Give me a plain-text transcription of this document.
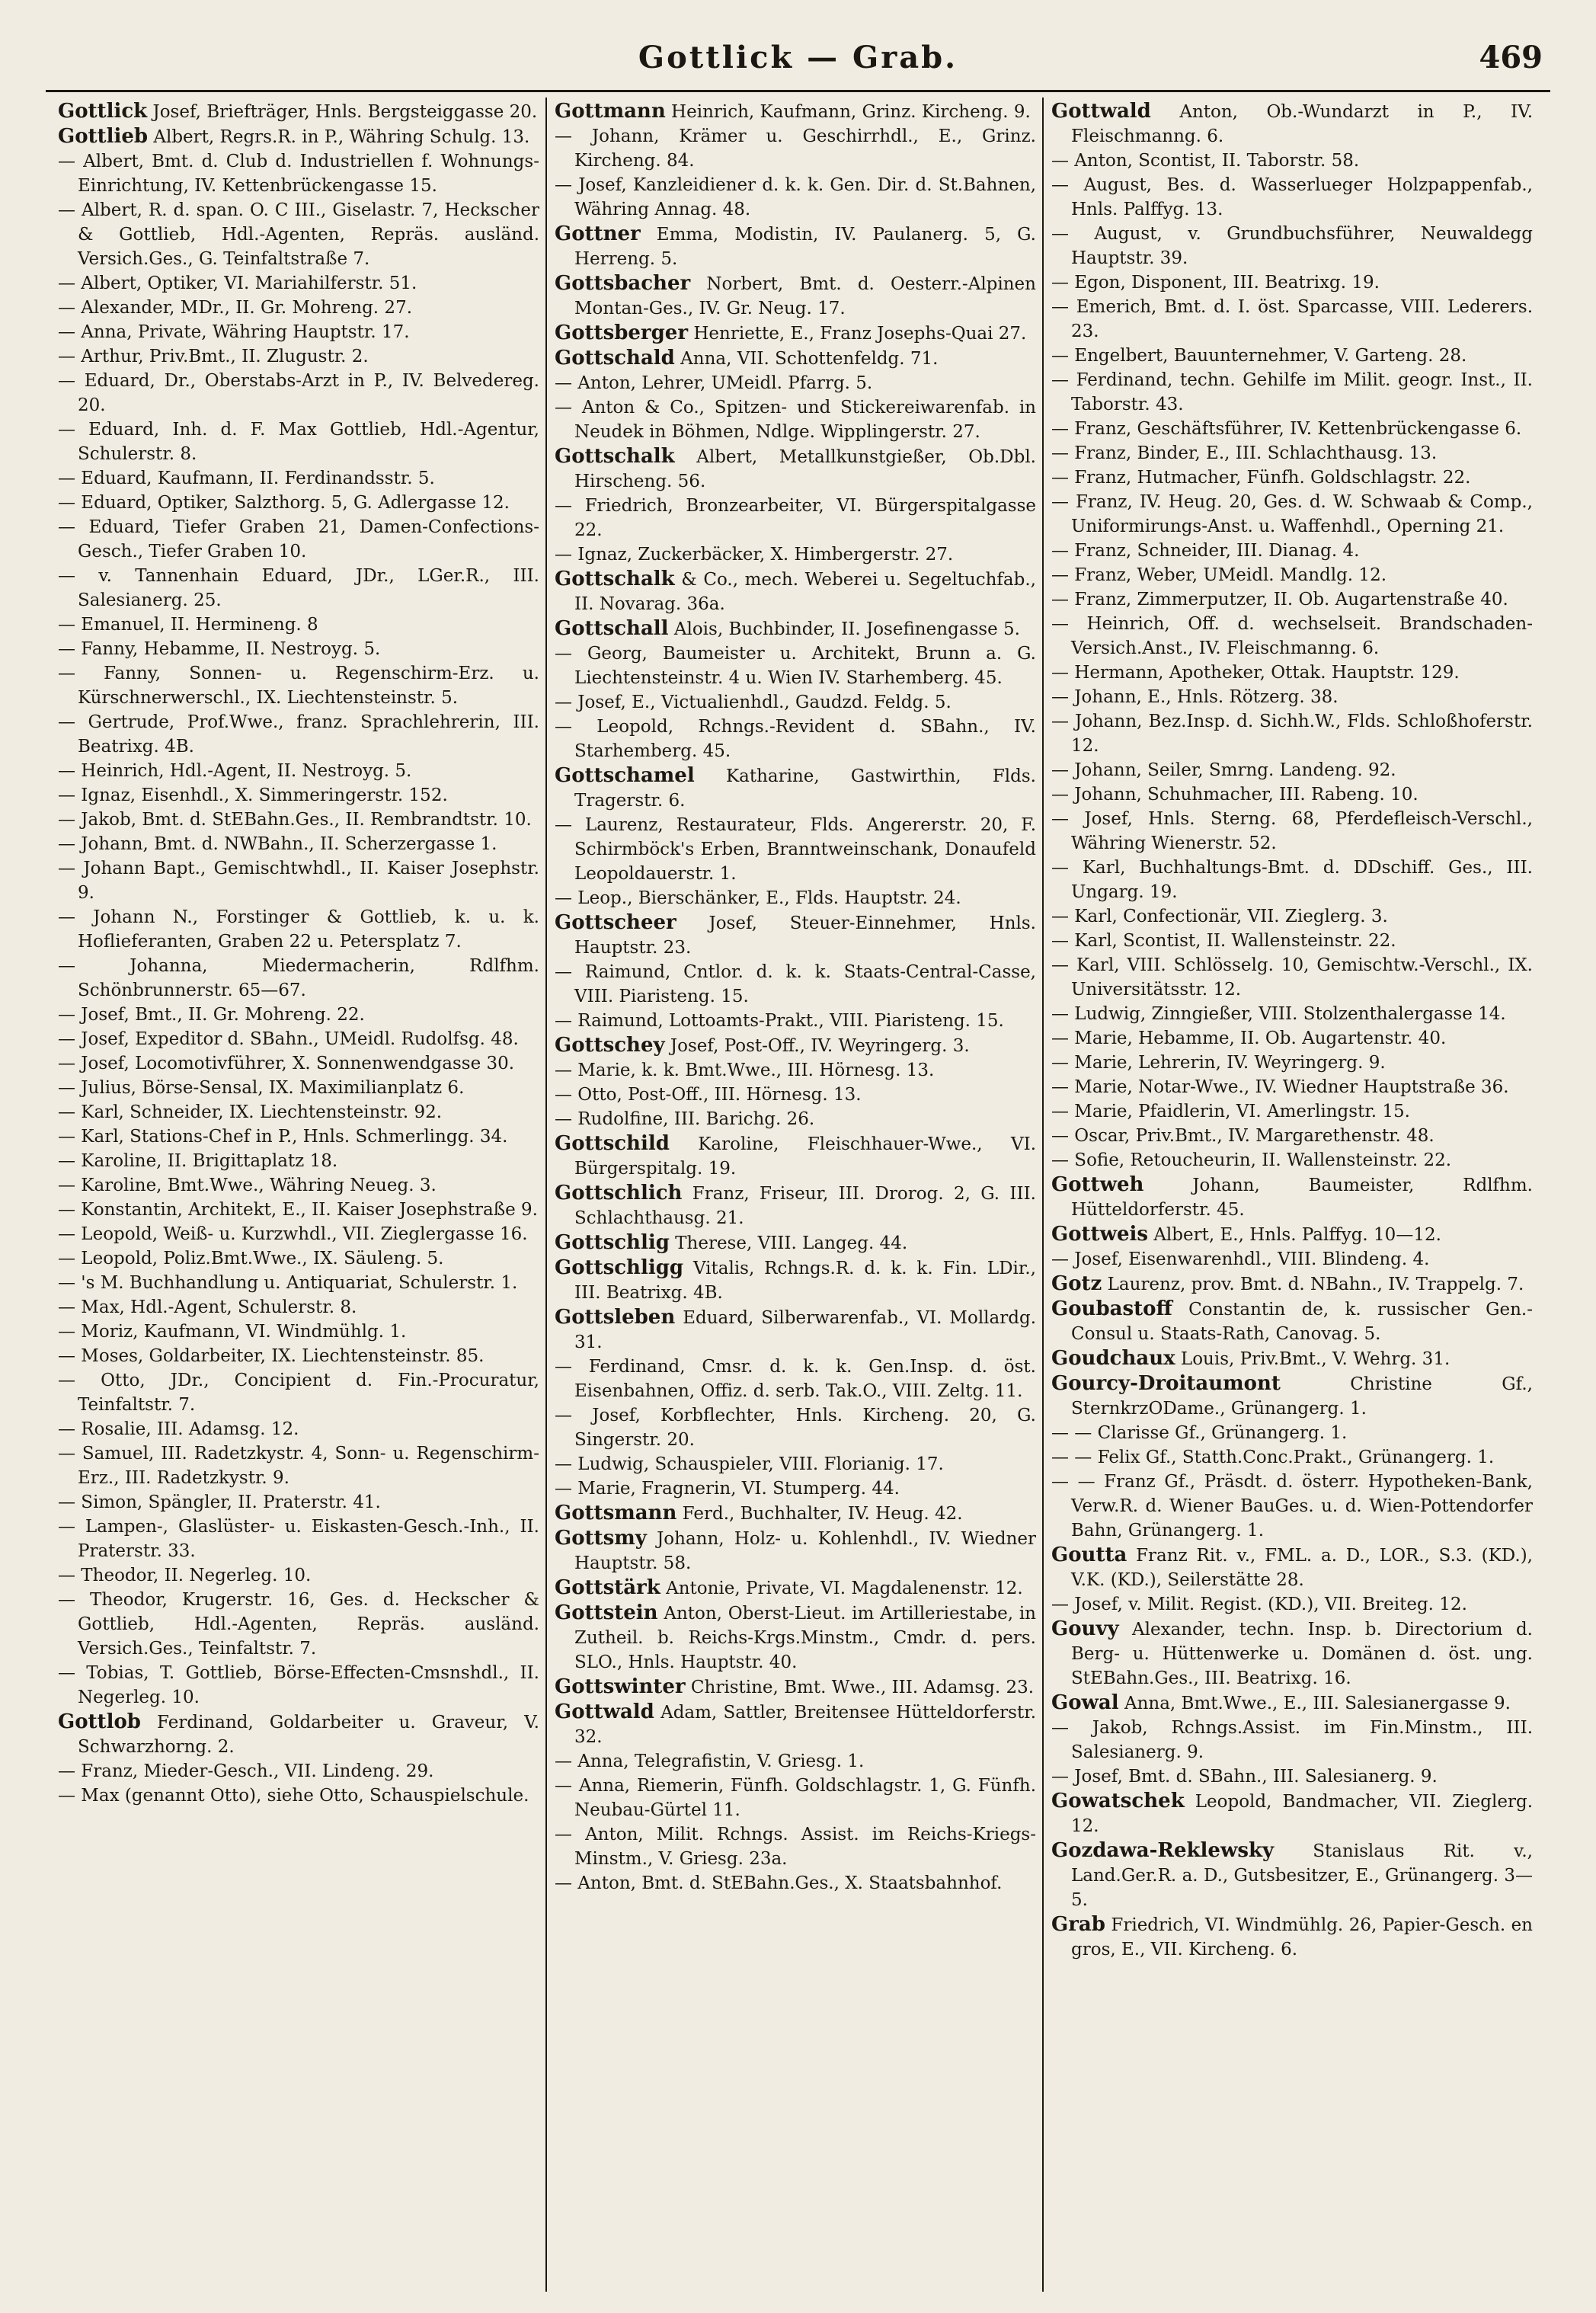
Gottlick — Grab.	469
Gottlick Josef, Briefträger, Hnls. Bergsteiggasse 20.
Gottlieb Albert, Regrs.R. in P., Währing Schulg. 13.
— Albert, Bmt. d. Club d. Industriellen f. Wohnungs-Einrichtung, IV. Kettenbrückengasse 15.
— Albert, R. d. span. O. C III., Giselastr. 7, Heckscher & Gottlieb, Hdl.-Agenten, Repräs. ausländ. Versich.Ges., G. Teinfaltstraße 7.
— Albert, Optiker, VI. Mariahilferstr. 51.
— Alexander, MDr., II. Gr. Mohreng. 27.
— Anna, Private, Währing Hauptstr. 17.
— Arthur, Priv.Bmt., II. Zlugustr. 2.
— Eduard, Dr., Oberstabs-Arzt in P., IV. Belvedereg. 20.
— Eduard, Inh. d. F. Max Gottlieb, Hdl.-Agentur, Schulerstr. 8.
— Eduard, Kaufmann, II. Ferdinandsstr. 5.
— Eduard, Optiker, Salzthorg. 5, G. Adlergasse 12.
— Eduard, Tiefer Graben 21, Damen-Confections-Gesch., Tiefer Graben 10.
— v. Tannenhain Eduard, JDr., LGer.R., III. Salesianerg. 25.
— Emanuel, II. Hermineng. 8
— Fanny, Hebamme, II. Nestroyg. 5.
— Fanny, Sonnen- u. Regenschirm-Erz. u. Kürschnerwerschl., IX. Liechtensteinstr. 5.
— Gertrude, Prof.Wwe., franz. Sprachlehrerin, III. Beatrixg. 4B.
— Heinrich, Hdl.-Agent, II. Nestroyg. 5.
— Ignaz, Eisenhdl., X. Simmeringerstr. 152.
— Jakob, Bmt. d. StEBahn.Ges., II. Rembrandtstr. 10.
— Johann, Bmt. d. NWBahn., II. Scherzergasse 1.
— Johann Bapt., Gemischtwhdl., II. Kaiser Josephstr. 9.
— Johann N., Forstinger & Gottlieb, k. u. k. Hoflieferanten, Graben 22 u. Petersplatz 7.
— Johanna, Miedermacherin, Rdlfhm. Schönbrunnerstr. 65—67.
— Josef, Bmt., II. Gr. Mohreng. 22.
— Josef, Expeditor d. SBahn., UMeidl. Rudolfsg. 48.
— Josef, Locomotivführer, X. Sonnenwendgasse 30.
— Julius, Börse-Sensal, IX. Maximilianplatz 6.
— Karl, Schneider, IX. Liechtensteinstr. 92.
— Karl, Stations-Chef in P., Hnls. Schmerlingg. 34.
— Karoline, II. Brigittaplatz 18.
— Karoline, Bmt.Wwe., Währing Neueg. 3.
— Konstantin, Architekt, E., II. Kaiser Josephstraße 9.
— Leopold, Weiß- u. Kurzwhdl., VII. Zieglergasse 16.
— Leopold, Poliz.Bmt.Wwe., IX. Säuleng. 5.
— 's M. Buchhandlung u. Antiquariat, Schulerstr. 1.
— Max, Hdl.-Agent, Schulerstr. 8.
— Moriz, Kaufmann, VI. Windmühlg. 1.
— Moses, Goldarbeiter, IX. Liechtensteinstr. 85.
— Otto, JDr., Concipient d. Fin.-Procuratur, Teinfaltstr. 7.
— Rosalie, III. Adamsg. 12.
— Samuel, III. Radetzkystr. 4, Sonn- u. Regenschirm-Erz., III. Radetzkystr. 9.
— Simon, Spängler, II. Praterstr. 41.
— Lampen-, Glaslüster- u. Eiskasten-Gesch.-Inh., II. Praterstr. 33.
— Theodor, II. Negerleg. 10.
— Theodor, Krugerstr. 16, Ges. d. Heckscher & Gottlieb, Hdl.-Agenten, Repräs. ausländ. Versich.Ges., Teinfaltstr. 7.
— Tobias, T. Gottlieb, Börse-Effecten-Cmsnshdl., II. Negerleg. 10.
Gottlob Ferdinand, Goldarbeiter u. Graveur, V. Schwarzhorng. 2.
— Franz, Mieder-Gesch., VII. Lindeng. 29.
— Max (genannt Otto), siehe Otto, Schauspielschule.
Gottmann Heinrich, Kaufmann, Grinz. Kircheng. 9.
— Johann, Krämer u. Geschirrhdl., E., Grinz. Kircheng. 84.
— Josef, Kanzleidiener d. k. k. Gen. Dir. d. St.Bahnen, Währing Annag. 48.
Gottner Emma, Modistin, IV. Paulanerg. 5, G. Herreng. 5.
Gottsbacher Norbert, Bmt. d. Oesterr.-Alpinen Montan-Ges., IV. Gr. Neug. 17.
Gottsberger Henriette, E., Franz Josephs-Quai 27.
Gottschald Anna, VII. Schottenfeldg. 71.
— Anton, Lehrer, UMeidl. Pfarrg. 5.
— Anton & Co., Spitzen- und Stickereiwarenfab. in Neudek in Böhmen, Ndlge. Wipplingerstr. 27.
Gottschalk Albert, Metallkunstgießer, Ob.Dbl. Hirscheng. 56.
— Friedrich, Bronzearbeiter, VI. Bürgerspitalgasse 22.
— Ignaz, Zuckerbäcker, X. Himbergerstr. 27.
Gottschalk & Co., mech. Weberei u. Segeltuchfab., II. Novarag. 36a.
Gottschall Alois, Buchbinder, II. Josefinengasse 5.
— Georg, Baumeister u. Architekt, Brunn a. G. Liechtensteinstr. 4 u. Wien IV. Starhemberg. 45.
— Josef, E., Victualienhdl., Gaudzd. Feldg. 5.
— Leopold, Rchngs.-Revident d. SBahn., IV. Starhemberg. 45.
Gottschamel Katharine, Gastwirthin, Flds. Tragerstr. 6.
— Laurenz, Restaurateur, Flds. Angererstr. 20, F. Schirmböck's Erben, Branntweinschank, Donaufeld Leopoldauerstr. 1.
— Leop., Bierschänker, E., Flds. Hauptstr. 24.
Gottscheer Josef, Steuer-Einnehmer, Hnls. Hauptstr. 23.
— Raimund, Cntlor. d. k. k. Staats-Central-Casse, VIII. Piaristeng. 15.
— Raimund, Lottoamts-Prakt., VIII. Piaristeng. 15.
Gottschey Josef, Post-Off., IV. Weyringerg. 3.
— Marie, k. k. Bmt.Wwe., III. Hörnesg. 13.
— Otto, Post-Off., III. Hörnesg. 13.
— Rudolfine, III. Barichg. 26.
Gottschild Karoline, Fleischhauer-Wwe., VI. Bürgerspitalg. 19.
Gottschlich Franz, Friseur, III. Drorog. 2, G. III. Schlachthausg. 21.
Gottschlig Therese, VIII. Langeg. 44.
Gottschligg Vitalis, Rchngs.R. d. k. k. Fin. LDir., III. Beatrixg. 4B.
Gottsleben Eduard, Silberwarenfab., VI. Mollardg. 31.
— Ferdinand, Cmsr. d. k. k. Gen.Insp. d. öst. Eisenbahnen, Offiz. d. serb. Tak.O., VIII. Zeltg. 11.
— Josef, Korbflechter, Hnls. Kircheng. 20, G. Singerstr. 20.
— Ludwig, Schauspieler, VIII. Florianig. 17.
— Marie, Fragnerin, VI. Stumperg. 44.
Gottsmann Ferd., Buchhalter, IV. Heug. 42.
Gottsmy Johann, Holz- u. Kohlenhdl., IV. Wiedner Hauptstr. 58.
Gottstärk Antonie, Private, VI. Magdalenenstr. 12.
Gottstein Anton, Oberst-Lieut. im Artilleriestabe, in Zutheil. b. Reichs-Krgs.Minstm., Cmdr. d. pers. SLO., Hnls. Hauptstr. 40.
Gottswinter Christine, Bmt. Wwe., III. Adamsg. 23.
Gottwald Adam, Sattler, Breitensee Hütteldorferstr. 32.
— Anna, Telegrafistin, V. Griesg. 1.
— Anna, Riemerin, Fünfh. Goldschlagstr. 1, G. Fünfh. Neubau-Gürtel 11.
— Anton, Milit. Rchngs. Assist. im Reichs-Kriegs-Minstm., V. Griesg. 23a.
— Anton, Bmt. d. StEBahn.Ges., X. Staatsbahnhof.
Gottwald Anton, Ob.-Wundarzt in P., IV. Fleischmanng. 6.
— Anton, Scontist, II. Taborstr. 58.
— August, Bes. d. Wasserlueger Holzpappenfab., Hnls. Palffyg. 13.
— August, v. Grundbuchsführer, Neuwaldegg Hauptstr. 39.
— Egon, Disponent, III. Beatrixg. 19.
— Emerich, Bmt. d. I. öst. Sparcasse, VIII. Lederers. 23.
— Engelbert, Bauunternehmer, V. Garteng. 28.
— Ferdinand, techn. Gehilfe im Milit. geogr. Inst., II. Taborstr. 43.
— Franz, Geschäftsführer, IV. Kettenbrückengasse 6.
— Franz, Binder, E., III. Schlachthausg. 13.
— Franz, Hutmacher, Fünfh. Goldschlagstr. 22.
— Franz, IV. Heug. 20, Ges. d. W. Schwaab & Comp., Uniformirungs-Anst. u. Waffenhdl., Operning 21.
— Franz, Schneider, III. Dianag. 4.
— Franz, Weber, UMeidl. Mandlg. 12.
— Franz, Zimmerputzer, II. Ob. Augartenstraße 40.
— Heinrich, Off. d. wechselseit. Brandschaden-Versich.Anst., IV. Fleischmanng. 6.
— Hermann, Apotheker, Ottak. Hauptstr. 129.
— Johann, E., Hnls. Rötzerg. 38.
— Johann, Bez.Insp. d. Sichh.W., Flds. Schloßhoferstr. 12.
— Johann, Seiler, Smrng. Landeng. 92.
— Johann, Schuhmacher, III. Rabeng. 10.
— Josef, Hnls. Sterng. 68, Pferdefleisch-Verschl., Währing Wienerstr. 52.
— Karl, Buchhaltungs-Bmt. d. DDschiff. Ges., III. Ungarg. 19.
— Karl, Confectionär, VII. Zieglerg. 3.
— Karl, Scontist, II. Wallensteinstr. 22.
— Karl, VIII. Schlösselg. 10, Gemischtw.-Verschl., IX. Universitätsstr. 12.
— Ludwig, Zinngießer, VIII. Stolzenthalergasse 14.
— Marie, Hebamme, II. Ob. Augartenstr. 40.
— Marie, Lehrerin, IV. Weyringerg. 9.
— Marie, Notar-Wwe., IV. Wiedner Hauptstraße 36.
— Marie, Pfaidlerin, VI. Amerlingstr. 15.
— Oscar, Priv.Bmt., IV. Margarethenstr. 48.
— Sofie, Retoucheurin, II. Wallensteinstr. 22.
Gottweh Johann, Baumeister, Rdlfhm. Hütteldorferstr. 45.
Gottweis Albert, E., Hnls. Palffyg. 10—12.
— Josef, Eisenwarenhdl., VIII. Blindeng. 4.
Gotz Laurenz, prov. Bmt. d. NBahn., IV. Trappelg. 7.
Goubastoff Constantin de, k. russischer Gen.-Consul u. Staats-Rath, Canovag. 5.
Goudchaux Louis, Priv.Bmt., V. Wehrg. 31.
Gourcy-Droitaumont Christine Gf., SternkrzODame., Grünangerg. 1.
— — Clarisse Gf., Grünangerg. 1.
— — Felix Gf., Statth.Conc.Prakt., Grünangerg. 1.
— — Franz Gf., Präsdt. d. österr. Hypotheken-Bank, Verw.R. d. Wiener BauGes. u. d. Wien-Pottendorfer Bahn, Grünangerg. 1.
Goutta Franz Rit. v., FML. a. D., LOR., S.3. (KD.), V.K. (KD.), Seilerstätte 28.
— Josef, v. Milit. Regist. (KD.), VII. Breiteg. 12.
Gouvy Alexander, techn. Insp. b. Directorium d. Berg- u. Hüttenwerke u. Domänen d. öst. ung. StEBahn.Ges., III. Beatrixg. 16.
Gowal Anna, Bmt.Wwe., E., III. Salesianergasse 9.
— Jakob, Rchngs.Assist. im Fin.Minstm., III. Salesianerg. 9.
— Josef, Bmt. d. SBahn., III. Salesianerg. 9.
Gowatschek Leopold, Bandmacher, VII. Zieglerg. 12.
Gozdawa-Reklewsky Stanislaus Rit. v., Land.Ger.R. a. D., Gutsbesitzer, E., Grünangerg. 3—5.
Grab Friedrich, VI. Windmühlg. 26, Papier-Gesch. en gros, E., VII. Kircheng. 6.
